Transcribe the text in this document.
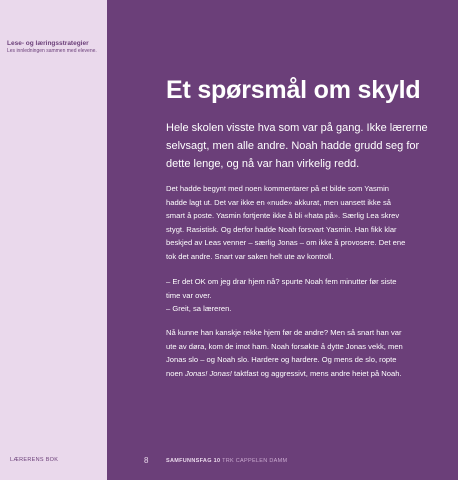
Lese- og læringsstrategier
Les innledningen sammen med elevene.
Et spørsmål om skyld
Hele skolen visste hva som var på gang. Ikke lærerne
selvsagt, men alle andre. Noah hadde grudd seg for
dette lenge, og nå var han virkelig redd.
Det hadde begynt med noen kommentarer på et bilde som Yasmin
hadde lagt ut. Det var ikke en «nude» akkurat, men uansett ikke så
smart å poste. Yasmin fortjente ikke å bli «hata på». Særlig Lea skrev
stygt. Rasistisk. Og derfor hadde Noah forsvart Yasmin. Han fikk klar
beskjed av Leas venner – særlig Jonas – om ikke å provosere. Det ene
tok det andre. Snart var saken helt ute av kontroll.
– Er det OK om jeg drar hjem nå? spurte Noah fem minutter før siste
time var over.
– Greit, sa læreren.
Nå kunne han kanskje rekke hjem før de andre? Men så snart han var
ute av døra, kom de imot ham. Noah forsøkte å dytte Jonas vekk, men
Jonas slo – og Noah slo. Hardere og hardere. Og mens de slo, ropte
noen Jonas! Jonas! taktfast og aggressivt, mens andre heiet på Noah.
LÆRERENS BOK	8	SAMFUNNSFAG 10 TRK CAPPELEN DAMM
